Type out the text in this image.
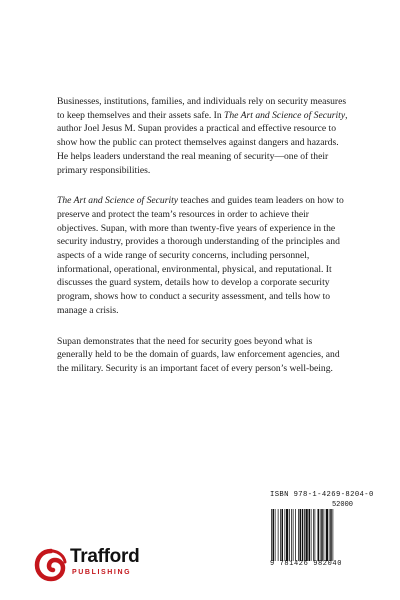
Businesses, institutions, families, and individuals rely on security measures to keep themselves and their assets safe. In The Art and Science of Security, author Joel Jesus M. Supan provides a practical and effective resource to show how the public can protect themselves against dangers and hazards. He helps leaders understand the real meaning of security—one of their primary responsibilities.

The Art and Science of Security teaches and guides team leaders on how to preserve and protect the team’s resources in order to achieve their objectives. Supan, with more than twenty-five years of experience in the security industry, provides a thorough understanding of the principles and aspects of a wide range of security concerns, including personnel, informational, operational, environmental, physical, and reputational. It discusses the guard system, details how to develop a corporate security program, shows how to conduct a security assessment, and tells how to manage a crisis.

Supan demonstrates that the need for security goes beyond what is generally held to be the domain of guards, law enforcement agencies, and the military. Security is an important facet of every person’s well-being.

ISBN 978-1-4269-8204-0
52000
9 781426 982040
Trafford
PUBLISHING
